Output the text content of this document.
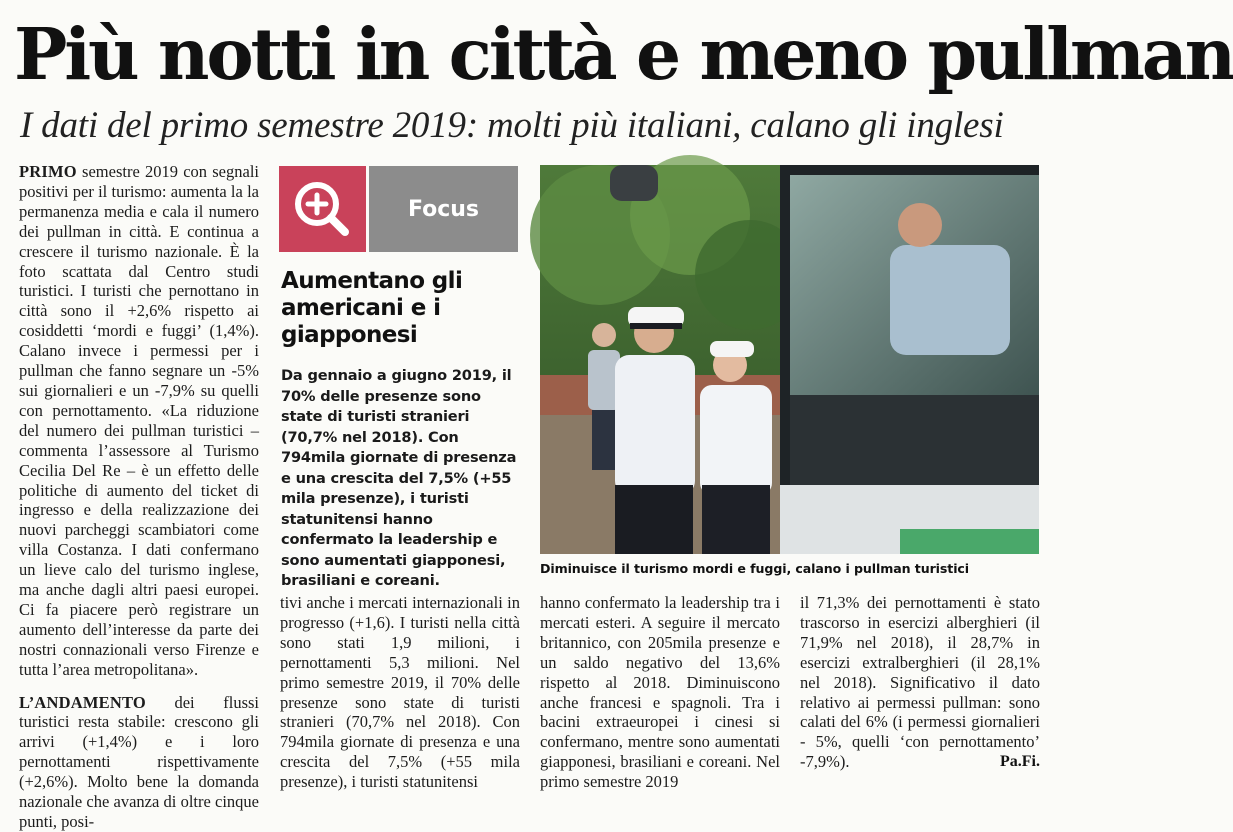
Più notti in città e meno pullman
I dati del primo semestre 2019: molti più italiani, calano gli inglesi

PRIMO semestre 2019 con segnali positivi per il turismo: aumenta la la permanenza media e cala il numero dei pullman in città. E continua a crescere il turismo nazionale. È la foto scattata dal Centro studi turistici. I turisti che pernottano in città sono il +2,6% rispetto ai cosiddetti ‘mordi e fuggi’ (1,4%). Calano invece i permessi per i pullman che fanno segnare un -5% sui giornalieri e un -7,9% su quelli con pernottamento. «La riduzione del numero dei pullman turistici – commenta l’assessore al Turismo Cecilia Del Re – è un effetto delle politiche di aumento del ticket di ingresso e della realizzazione dei nuovi parcheggi scambiatori come villa Costanza. I dati confermano un lieve calo del turismo inglese, ma anche dagli altri paesi europei. Ci fa piacere però registrare un aumento dell’interesse da parte dei nostri connazionali verso Firenze e tutta l’area metropolitana».

L’ANDAMENTO dei flussi turistici resta stabile: crescono gli arrivi (+1,4%) e i loro pernottamenti rispettivamente (+2,6%). Molto bene la domanda nazionale che avanza di oltre cinque punti, posi-

Focus
Aumentano gli americani e i giapponesi
Da gennaio a giugno 2019, il 70% delle presenze sono state di turisti stranieri (70,7% nel 2018). Con 794mila giornate di presenza e una crescita del 7,5% (+55 mila presenze), i turisti statunitensi hanno confermato la leadership e sono aumentati giapponesi, brasiliani e coreani.
Diminuisce il turismo mordi e fuggi, calano i pullman turistici

tivi anche i mercati internazionali in progresso (+1,6). I turisti nella città sono stati 1,9 milioni, i pernottamenti 5,3 milioni. Nel primo semestre 2019, il 70% delle presenze sono state di turisti stranieri (70,7% nel 2018). Con 794mila giornate di presenza e una crescita del 7,5% (+55 mila presenze), i turisti statunitensi

hanno confermato la leadership tra i mercati esteri. A seguire il mercato britannico, con 205mila presenze e un saldo negativo del 13,6% rispetto al 2018. Diminuiscono anche francesi e spagnoli. Tra i bacini extraeuropei i cinesi si confermano, mentre sono aumentati giapponesi, brasiliani e coreani. Nel primo semestre 2019

il 71,3% dei pernottamenti è stato trascorso in esercizi alberghieri (il 71,9% nel 2018), il 28,7% in esercizi extralberghieri (il 28,1% nel 2018). Significativo il dato relativo ai permessi pullman: sono calati del 6% (i permessi giornalieri - 5%, quelli ‘con pernottamento’ -7,9%).	Pa.Fi.
